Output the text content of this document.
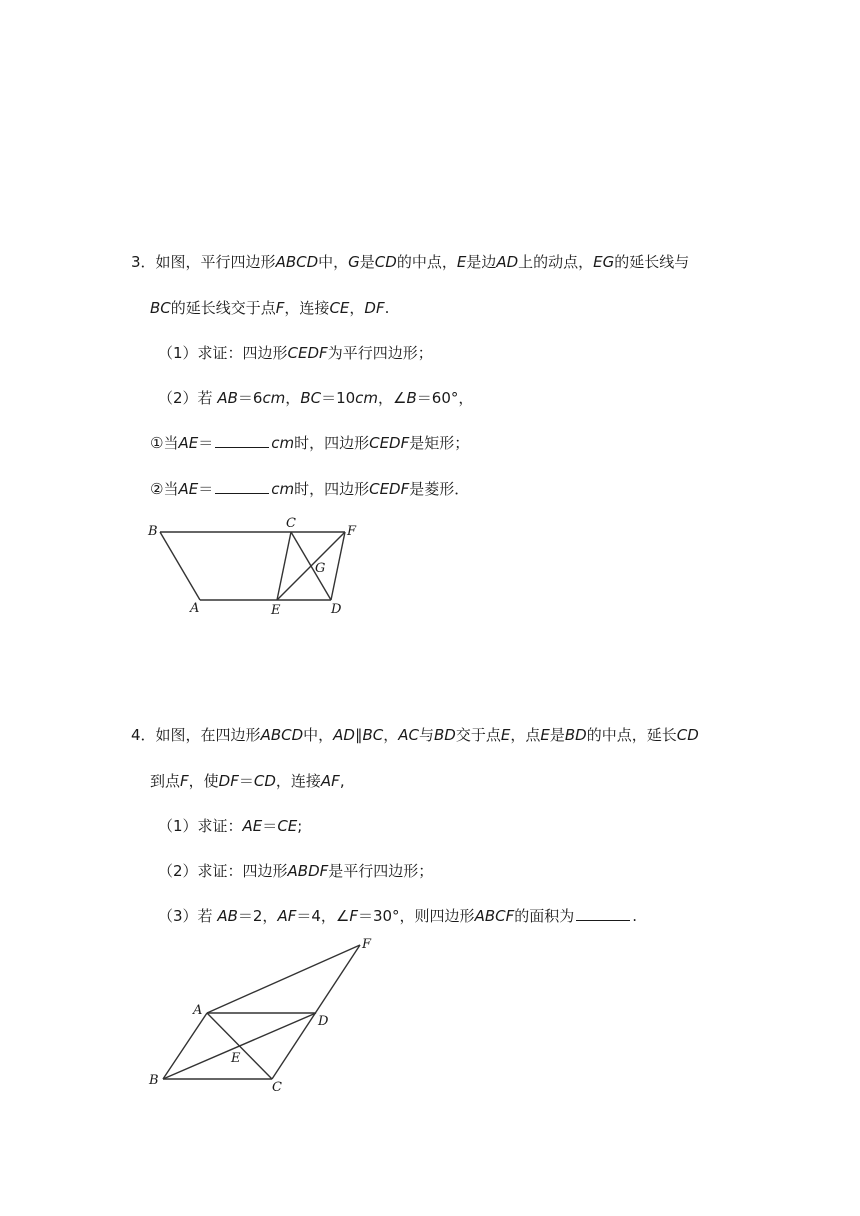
3．如图，平行四边形ABCD中，G是CD的中点，E是边AD上的动点，EG的延长线与
BC的延长线交于点F，连接CE，DF.
（1）求证：四边形CEDF为平行四边形；
（2）若 AB＝6cm，BC＝10cm，∠B＝60°，
①当AE＝	cm时，四边形CEDF是矩形；
②当AE＝	cm时，四边形CEDF是菱形．
4．如图，在四边形ABCD中，AD∥BC，AC与BD交于点E，点E是BD的中点，延长CD
到点F，使DF＝CD，连接AF,
（1）求证：AE＝CE;
（2）求证：四边形ABDF是平行四边形；
（3）若 AB＝2，AF＝4，∠F＝30°，则四边形ABCF的面积为	.
B
C
F
G
A	E	D
F
A
D
E
B	C
